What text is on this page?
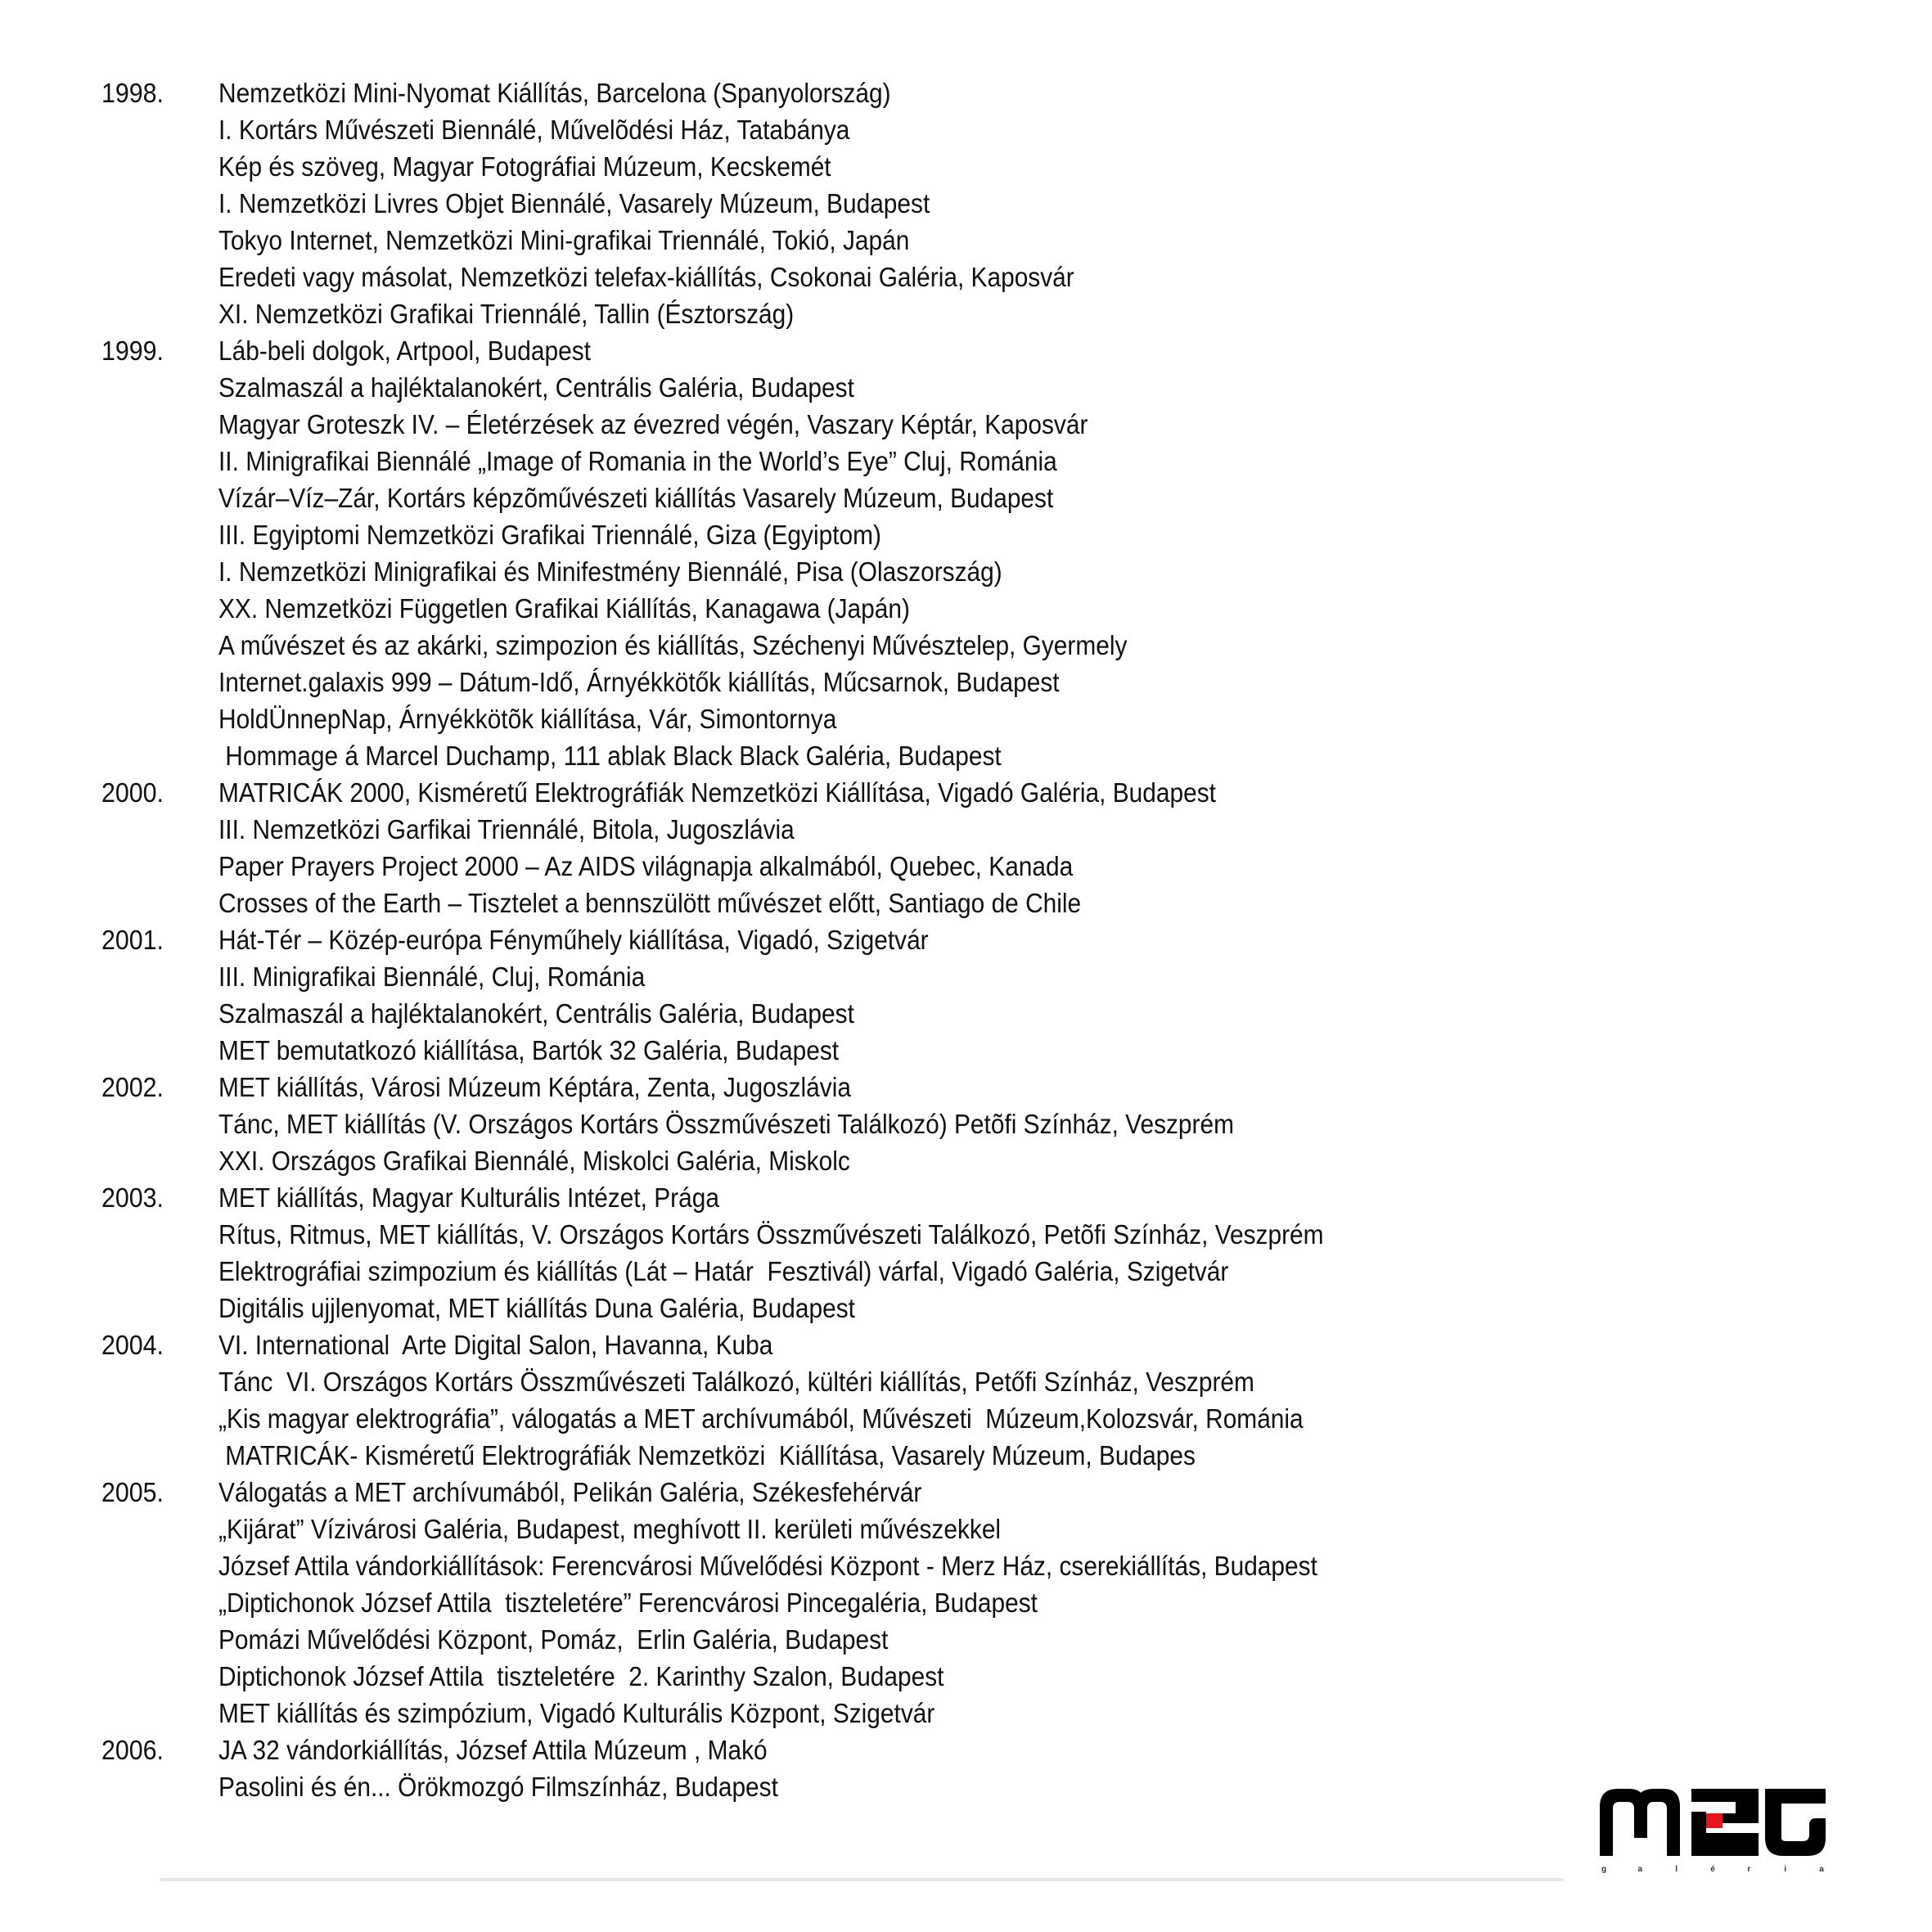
1998. Nemzetközi Mini-Nyomat Kiállítás, Barcelona (Spanyolország)
I. Kortárs Művészeti Biennálé, Művelõdési Ház, Tatabánya
Kép és szöveg, Magyar Fotográfiai Múzeum, Kecskemét
I. Nemzetközi Livres Objet Biennálé, Vasarely Múzeum, Budapest
Tokyo Internet, Nemzetközi Mini-grafikai Triennálé, Tokió, Japán
Eredeti vagy másolat, Nemzetközi telefax-kiállítás, Csokonai Galéria, Kaposvár
XI. Nemzetközi Grafikai Triennálé, Tallin (Észtország)
1999. Láb-beli dolgok, Artpool, Budapest
Szalmaszál a hajléktalanokért, Centrális Galéria, Budapest
Magyar Groteszk IV. – Életérzések az évezred végén, Vaszary Képtár, Kaposvár
II. Minigrafikai Biennálé „Image of Romania in the World’s Eye” Cluj, Románia
Vízár–Víz–Zár, Kortárs képzõművészeti kiállítás Vasarely Múzeum, Budapest
III. Egyiptomi Nemzetközi Grafikai Triennálé, Giza (Egyiptom)
I. Nemzetközi Minigrafikai és Minifestmény Biennálé, Pisa (Olaszország)
XX. Nemzetközi Független Grafikai Kiállítás, Kanagawa (Japán)
A művészet és az akárki, szimpozion és kiállítás, Széchenyi Művésztelep, Gyermely
Internet.galaxis 999 – Dátum-Idő, Árnyékkötők kiállítás, Műcsarnok, Budapest
HoldÜnnepNap, Árnyékkötõk kiállítása, Vár, Simontornya
Hommage á Marcel Duchamp, 111 ablak Black Black Galéria, Budapest
2000. MATRICÁK 2000, Kisméretű Elektrográfiák Nemzetközi Kiállítása, Vigadó Galéria, Budapest
III. Nemzetközi Garfikai Triennálé, Bitola, Jugoszlávia
Paper Prayers Project 2000 – Az AIDS világnapja alkalmából, Quebec, Kanada
Crosses of the Earth – Tisztelet a bennszülött művészet előtt, Santiago de Chile
2001. Hát-Tér – Közép-európa Fényműhely kiállítása, Vigadó, Szigetvár
III. Minigrafikai Biennálé, Cluj, Románia
Szalmaszál a hajléktalanokért, Centrális Galéria, Budapest
MET bemutatkozó kiállítása, Bartók 32 Galéria, Budapest
2002. MET kiállítás, Városi Múzeum Képtára, Zenta, Jugoszlávia
Tánc, MET kiállítás (V. Országos Kortárs Összművészeti Találkozó) Petõfi Színház, Veszprém
XXI. Országos Grafikai Biennálé, Miskolci Galéria, Miskolc
2003. MET kiállítás, Magyar Kulturális Intézet, Prága
Rítus, Ritmus, MET kiállítás, V. Országos Kortárs Összművészeti Találkozó, Petõfi Színház, Veszprém
Elektrográfiai szimpozium és kiállítás (Lát – Határ  Fesztivál) várfal, Vigadó Galéria, Szigetvár
Digitális ujjlenyomat, MET kiállítás Duna Galéria, Budapest
2004. VI. International  Arte Digital Salon, Havanna, Kuba
Tánc  VI. Országos Kortárs Összművészeti Találkozó, kültéri kiállítás, Petőfi Színház, Veszprém
„Kis magyar elektrográfia”, válogatás a MET archívumából, Művészeti  Múzeum,Kolozsvár, Románia
MATRICÁK- Kisméretű Elektrográfiák Nemzetközi  Kiállítása, Vasarely Múzeum, Budapes
2005. Válogatás a MET archívumából, Pelikán Galéria, Székesfehérvár
„Kijárat” Vízivárosi Galéria, Budapest, meghívott II. kerületi művészekkel
József Attila vándorkiállítások: Ferencvárosi Művelődési Központ - Merz Ház, cserekiállítás, Budapest
„Diptichonok József Attila  tiszteletére” Ferencvárosi Pincegaléria, Budapest
Pomázi Művelődési Központ, Pomáz,  Erlin Galéria, Budapest
Diptichonok József Attila  tiszteletére  2. Karinthy Szalon, Budapest
MET kiállítás és szimpózium, Vigadó Kulturális Központ, Szigetvár
2006. JA 32 vándorkiállítás, József Attila Múzeum , Makó
Pasolini és én... Örökmozgó Filmszínház, Budapest
g	a	l	é	r	i	a
